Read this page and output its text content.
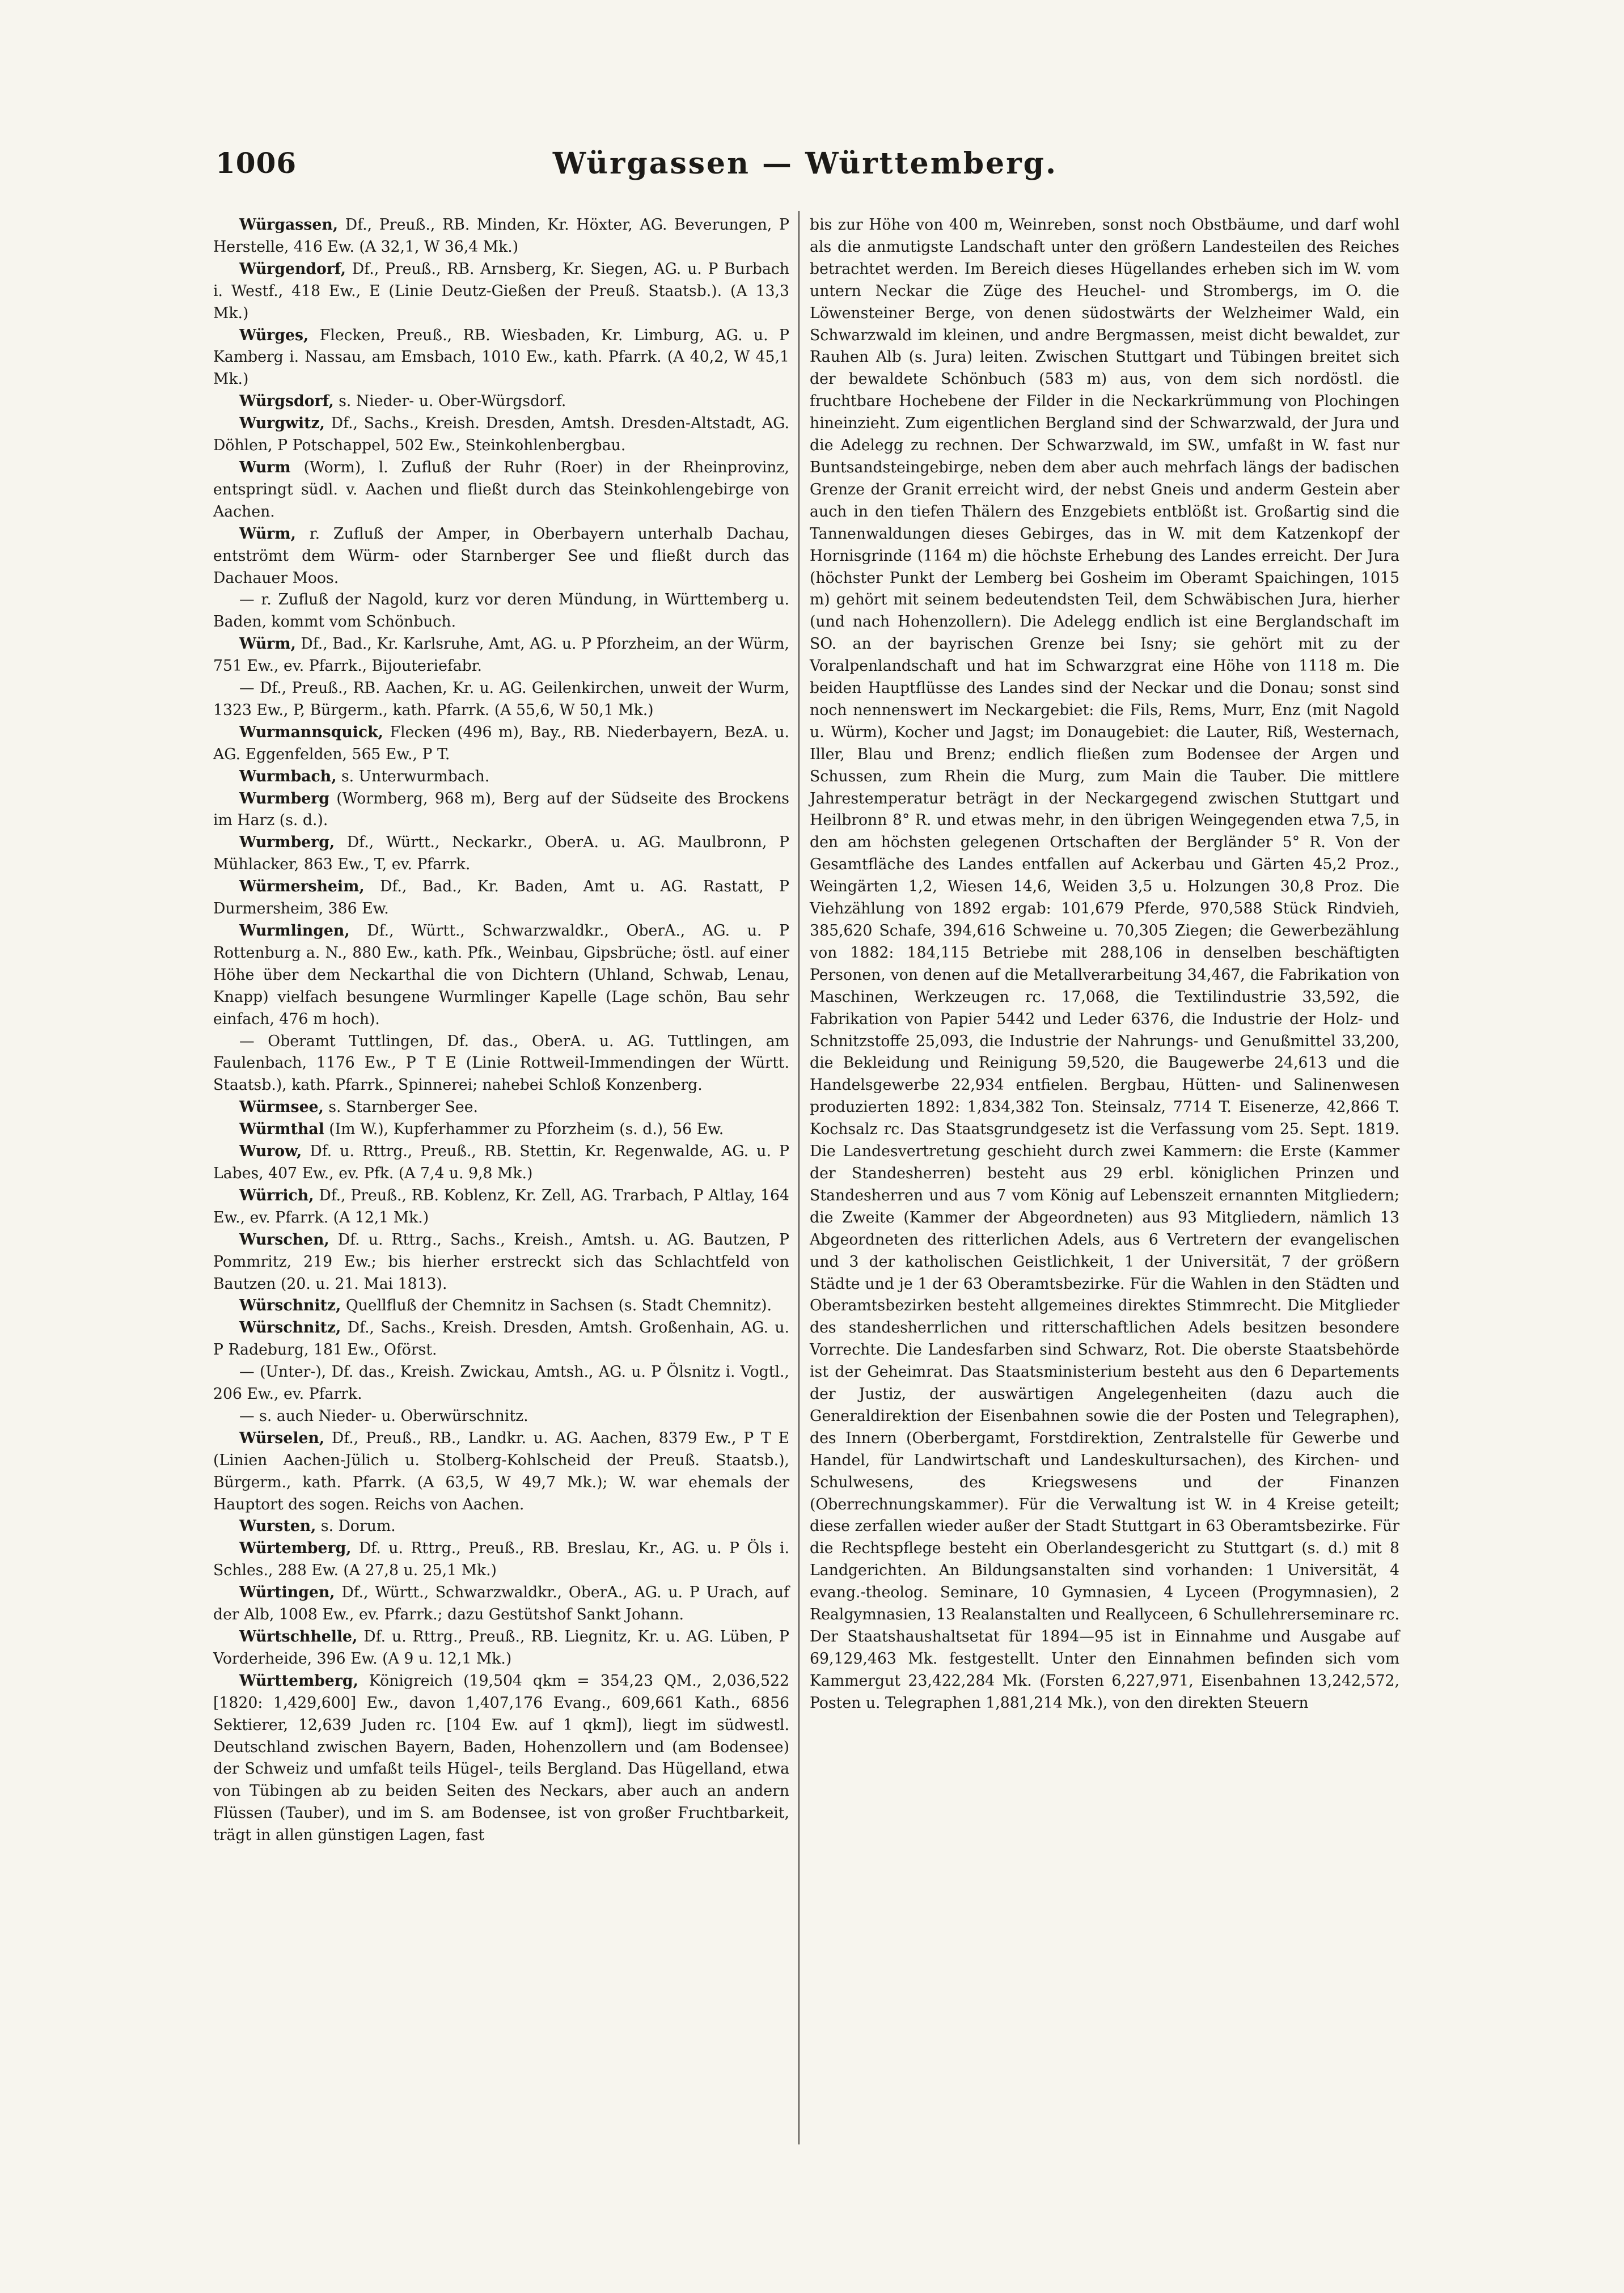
1006	Würgassen — Württemberg.

Würgassen, Df., Preuß., RB. Minden, Kr. Höxter, AG. Beverungen, P Herstelle, 416 Ew. (A 32,1, W 36,4 Mk.)

Würgendorf, Df., Preuß., RB. Arnsberg, Kr. Siegen, AG. u. P Burbach i. Westf., 418 Ew., E (Linie Deutz-Gießen der Preuß. Staatsb.). (A 13,3 Mk.)

Würges, Flecken, Preuß., RB. Wiesbaden, Kr. Limburg, AG. u. P Kamberg i. Nassau, am Emsbach, 1010 Ew., kath. Pfarrk. (A 40,2, W 45,1 Mk.)

Würgsdorf, s. Nieder- u. Ober-Würgsdorf.

Wurgwitz, Df., Sachs., Kreish. Dresden, Amtsh. Dresden-Altstadt, AG. Döhlen, P Potschappel, 502 Ew., Steinkohlenbergbau.

Wurm (Worm), l. Zufluß der Ruhr (Roer) in der Rheinprovinz, entspringt südl. v. Aachen und fließt durch das Steinkohlengebirge von Aachen.

Würm, r. Zufluß der Amper, in Oberbayern unterhalb Dachau, entströmt dem Würm- oder Starnberger See und fließt durch das Dachauer Moos.

— r. Zufluß der Nagold, kurz vor deren Mündung, in Württemberg u. Baden, kommt vom Schönbuch.

Würm, Df., Bad., Kr. Karlsruhe, Amt, AG. u. P Pforzheim, an der Würm, 751 Ew., ev. Pfarrk., Bijouteriefabr.

— Df., Preuß., RB. Aachen, Kr. u. AG. Geilenkirchen, unweit der Wurm, 1323 Ew., P, Bürgerm., kath. Pfarrk. (A 55,6, W 50,1 Mk.)

Wurmannsquick, Flecken (496 m), Bay., RB. Niederbayern, BezA. u. AG. Eggenfelden, 565 Ew., P T.

Wurmbach, s. Unterwurmbach.

Wurmberg (Wormberg, 968 m), Berg auf der Südseite des Brockens im Harz (s. d.).

Wurmberg, Df., Württ., Neckarkr., OberA. u. AG. Maulbronn, P Mühlacker, 863 Ew., T, ev. Pfarrk.

Würmersheim, Df., Bad., Kr. Baden, Amt u. AG. Rastatt, P Durmersheim, 386 Ew.

Wurmlingen, Df., Württ., Schwarzwaldkr., OberA., AG. u. P Rottenburg a. N., 880 Ew., kath. Pfk., Weinbau, Gipsbrüche; östl. auf einer Höhe über dem Neckarthal die von Dichtern (Uhland, Schwab, Lenau, Knapp) vielfach besungene Wurmlinger Kapelle (Lage schön, Bau sehr einfach, 476 m hoch).

— Oberamt Tuttlingen, Df. das., OberA. u. AG. Tuttlingen, am Faulenbach, 1176 Ew., P T E (Linie Rottweil-Immendingen der Württ. Staatsb.), kath. Pfarrk., Spinnerei; nahebei Schloß Konzenberg.

Würmsee, s. Starnberger See.

Würmthal (Im W.), Kupferhammer zu Pforzheim (s. d.), 56 Ew.

Wurow, Df. u. Rttrg., Preuß., RB. Stettin, Kr. Regenwalde, AG. u. P Labes, 407 Ew., ev. Pfk. (A 7,4 u. 9,8 Mk.)

Würrich, Df., Preuß., RB. Koblenz, Kr. Zell, AG. Trarbach, P Altlay, 164 Ew., ev. Pfarrk. (A 12,1 Mk.)

Wurschen, Df. u. Rttrg., Sachs., Kreish., Amtsh. u. AG. Bautzen, P Pommritz, 219 Ew.; bis hierher erstreckt sich das Schlachtfeld von Bautzen (20. u. 21. Mai 1813).

Würschnitz, Quellfluß der Chemnitz in Sachsen (s. Stadt Chemnitz).

Würschnitz, Df., Sachs., Kreish. Dresden, Amtsh. Großenhain, AG. u. P Radeburg, 181 Ew., Oförst.

— (Unter-), Df. das., Kreish. Zwickau, Amtsh., AG. u. P Ölsnitz i. Vogtl., 206 Ew., ev. Pfarrk.

— s. auch Nieder- u. Oberwürschnitz.

Würselen, Df., Preuß., RB., Landkr. u. AG. Aachen, 8379 Ew., P T E (Linien Aachen-Jülich u. Stolberg-Kohlscheid der Preuß. Staatsb.), Bürgerm., kath. Pfarrk. (A 63,5, W 49,7 Mk.); W. war ehemals der Hauptort des sogen. Reichs von Aachen.

Wursten, s. Dorum.

Würtemberg, Df. u. Rttrg., Preuß., RB. Breslau, Kr., AG. u. P Öls i. Schles., 288 Ew. (A 27,8 u. 25,1 Mk.)

Würtingen, Df., Württ., Schwarzwaldkr., OberA., AG. u. P Urach, auf der Alb, 1008 Ew., ev. Pfarrk.; dazu Gestütshof Sankt Johann.

Würtschhelle, Df. u. Rttrg., Preuß., RB. Liegnitz, Kr. u. AG. Lüben, P Vorderheide, 396 Ew. (A 9 u. 12,1 Mk.)

Württemberg, Königreich (19,504 qkm = 354,23 QM., 2,036,522 [1820: 1,429,600] Ew., davon 1,407,176 Evang., 609,661 Kath., 6856 Sektierer, 12,639 Juden rc. [104 Ew. auf 1 qkm]), liegt im südwestl. Deutschland zwischen Bayern, Baden, Hohenzollern und (am Bodensee) der Schweiz und umfaßt teils Hügel-, teils Bergland. Das Hügelland, etwa von Tübingen ab zu beiden Seiten des Neckars, aber auch an andern Flüssen (Tauber), und im S. am Bodensee, ist von großer Fruchtbarkeit, trägt in allen günstigen Lagen, fast

bis zur Höhe von 400 m, Weinreben, sonst noch Obstbäume, und darf wohl als die anmutigste Landschaft unter den größern Landesteilen des Reiches betrachtet werden. Im Bereich dieses Hügellandes erheben sich im W. vom untern Neckar die Züge des Heuchel- und Strombergs, im O. die Löwensteiner Berge, von denen südostwärts der Welzheimer Wald, ein Schwarzwald im kleinen, und andre Bergmassen, meist dicht bewaldet, zur Rauhen Alb (s. Jura) leiten. Zwischen Stuttgart und Tübingen breitet sich der bewaldete Schönbuch (583 m) aus, von dem sich nordöstl. die fruchtbare Hochebene der Filder in die Neckarkrümmung von Plochingen hineinzieht. Zum eigentlichen Bergland sind der Schwarzwald, der Jura und die Adelegg zu rechnen. Der Schwarzwald, im SW., umfaßt in W. fast nur Buntsandsteingebirge, neben dem aber auch mehrfach längs der badischen Grenze der Granit erreicht wird, der nebst Gneis und anderm Gestein aber auch in den tiefen Thälern des Enzgebiets entblößt ist. Großartig sind die Tannenwaldungen dieses Gebirges, das in W. mit dem Katzenkopf der Hornisgrinde (1164 m) die höchste Erhebung des Landes erreicht. Der Jura (höchster Punkt der Lemberg bei Gosheim im Oberamt Spaichingen, 1015 m) gehört mit seinem bedeutendsten Teil, dem Schwäbischen Jura, hierher (und nach Hohenzollern). Die Adelegg endlich ist eine Berglandschaft im SO. an der bayrischen Grenze bei Isny; sie gehört mit zu der Voralpenlandschaft und hat im Schwarzgrat eine Höhe von 1118 m. Die beiden Hauptflüsse des Landes sind der Neckar und die Donau; sonst sind noch nennenswert im Neckargebiet: die Fils, Rems, Murr, Enz (mit Nagold u. Würm), Kocher und Jagst; im Donaugebiet: die Lauter, Riß, Westernach, Iller, Blau und Brenz; endlich fließen zum Bodensee der Argen und Schussen, zum Rhein die Murg, zum Main die Tauber. Die mittlere Jahrestemperatur beträgt in der Neckargegend zwischen Stuttgart und Heilbronn 8° R. und etwas mehr, in den übrigen Weingegenden etwa 7,5, in den am höchsten gelegenen Ortschaften der Bergländer 5° R. Von der Gesamtfläche des Landes entfallen auf Ackerbau und Gärten 45,2 Proz., Weingärten 1,2, Wiesen 14,6, Weiden 3,5 u. Holzungen 30,8 Proz. Die Viehzählung von 1892 ergab: 101,679 Pferde, 970,588 Stück Rindvieh, 385,620 Schafe, 394,616 Schweine u. 70,305 Ziegen; die Gewerbezählung von 1882: 184,115 Betriebe mit 288,106 in denselben beschäftigten Personen, von denen auf die Metallverarbeitung 34,467, die Fabrikation von Maschinen, Werkzeugen rc. 17,068, die Textilindustrie 33,592, die Fabrikation von Papier 5442 und Leder 6376, die Industrie der Holz- und Schnitzstoffe 25,093, die Industrie der Nahrungs- und Genußmittel 33,200, die Bekleidung und Reinigung 59,520, die Baugewerbe 24,613 und die Handelsgewerbe 22,934 entfielen. Bergbau, Hütten- und Salinenwesen produzierten 1892: 1,834,382 Ton. Steinsalz, 7714 T. Eisenerze, 42,866 T. Kochsalz rc. Das Staatsgrundgesetz ist die Verfassung vom 25. Sept. 1819. Die Landesvertretung geschieht durch zwei Kammern: die Erste (Kammer der Standesherren) besteht aus 29 erbl. königlichen Prinzen und Standesherren und aus 7 vom König auf Lebenszeit ernannten Mitgliedern; die Zweite (Kammer der Abgeordneten) aus 93 Mitgliedern, nämlich 13 Abgeordneten des ritterlichen Adels, aus 6 Vertretern der evangelischen und 3 der katholischen Geistlichkeit, 1 der Universität, 7 der größern Städte und je 1 der 63 Oberamtsbezirke. Für die Wahlen in den Städten und Oberamtsbezirken besteht allgemeines direktes Stimmrecht. Die Mitglieder des standesherrlichen und ritterschaftlichen Adels besitzen besondere Vorrechte. Die Landesfarben sind Schwarz, Rot. Die oberste Staatsbehörde ist der Geheimrat. Das Staatsministerium besteht aus den 6 Departements der Justiz, der auswärtigen Angelegenheiten (dazu auch die Generaldirektion der Eisenbahnen sowie die der Posten und Telegraphen), des Innern (Oberbergamt, Forstdirektion, Zentralstelle für Gewerbe und Handel, für Landwirtschaft und Landeskultursachen), des Kirchen- und Schulwesens, des Kriegswesens und der Finanzen (Oberrechnungskammer). Für die Verwaltung ist W. in 4 Kreise geteilt; diese zerfallen wieder außer der Stadt Stuttgart in 63 Oberamtsbezirke. Für die Rechtspflege besteht ein Oberlandesgericht zu Stuttgart (s. d.) mit 8 Landgerichten. An Bildungsanstalten sind vorhanden: 1 Universität, 4 evang.-theolog. Seminare, 10 Gymnasien, 4 Lyceen (Progymnasien), 2 Realgymnasien, 13 Realanstalten und Reallyceen, 6 Schullehrerseminare rc. Der Staatshaushaltsetat für 1894—95 ist in Einnahme und Ausgabe auf 69,129,463 Mk. festgestellt. Unter den Einnahmen befinden sich vom Kammergut 23,422,284 Mk. (Forsten 6,227,971, Eisenbahnen 13,242,572, Posten u. Telegraphen 1,881,214 Mk.), von den direkten Steuern
